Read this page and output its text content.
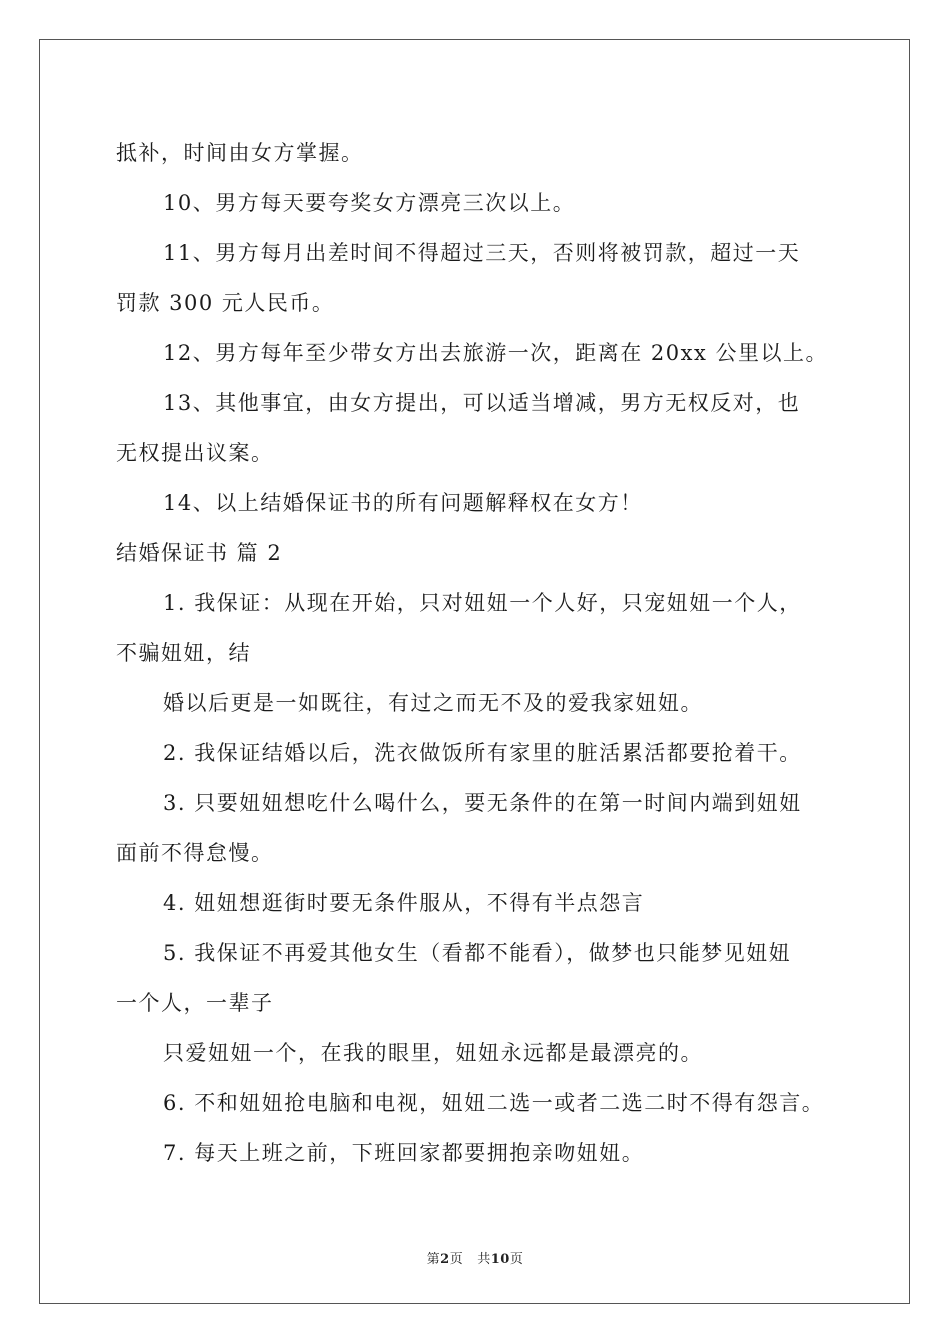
抵补，时间由女方掌握。
10、男方每天要夸奖女方漂亮三次以上。
11、男方每月出差时间不得超过三天，否则将被罚款，超过一天
罚款 300 元人民币。
12、男方每年至少带女方出去旅游一次，距离在 20xx 公里以上。
13、其他事宜，由女方提出，可以适当增减，男方无权反对，也
无权提出议案。
14、以上结婚保证书的所有问题解释权在女方！
结婚保证书 篇 2
1. 我保证：从现在开始，只对妞妞一个人好，只宠妞妞一个人，
不骗妞妞，结
婚以后更是一如既往，有过之而无不及的爱我家妞妞。
2. 我保证结婚以后，洗衣做饭所有家里的脏活累活都要抢着干。
3. 只要妞妞想吃什么喝什么，要无条件的在第一时间内端到妞妞
面前不得怠慢。
4. 妞妞想逛街时要无条件服从，不得有半点怨言
5. 我保证不再爱其他女生（看都不能看），做梦也只能梦见妞妞
一个人，一辈子
只爱妞妞一个，在我的眼里，妞妞永远都是最漂亮的。
6. 不和妞妞抢电脑和电视，妞妞二选一或者二选二时不得有怨言。
7. 每天上班之前，下班回家都要拥抱亲吻妞妞。
第2页 共10页
